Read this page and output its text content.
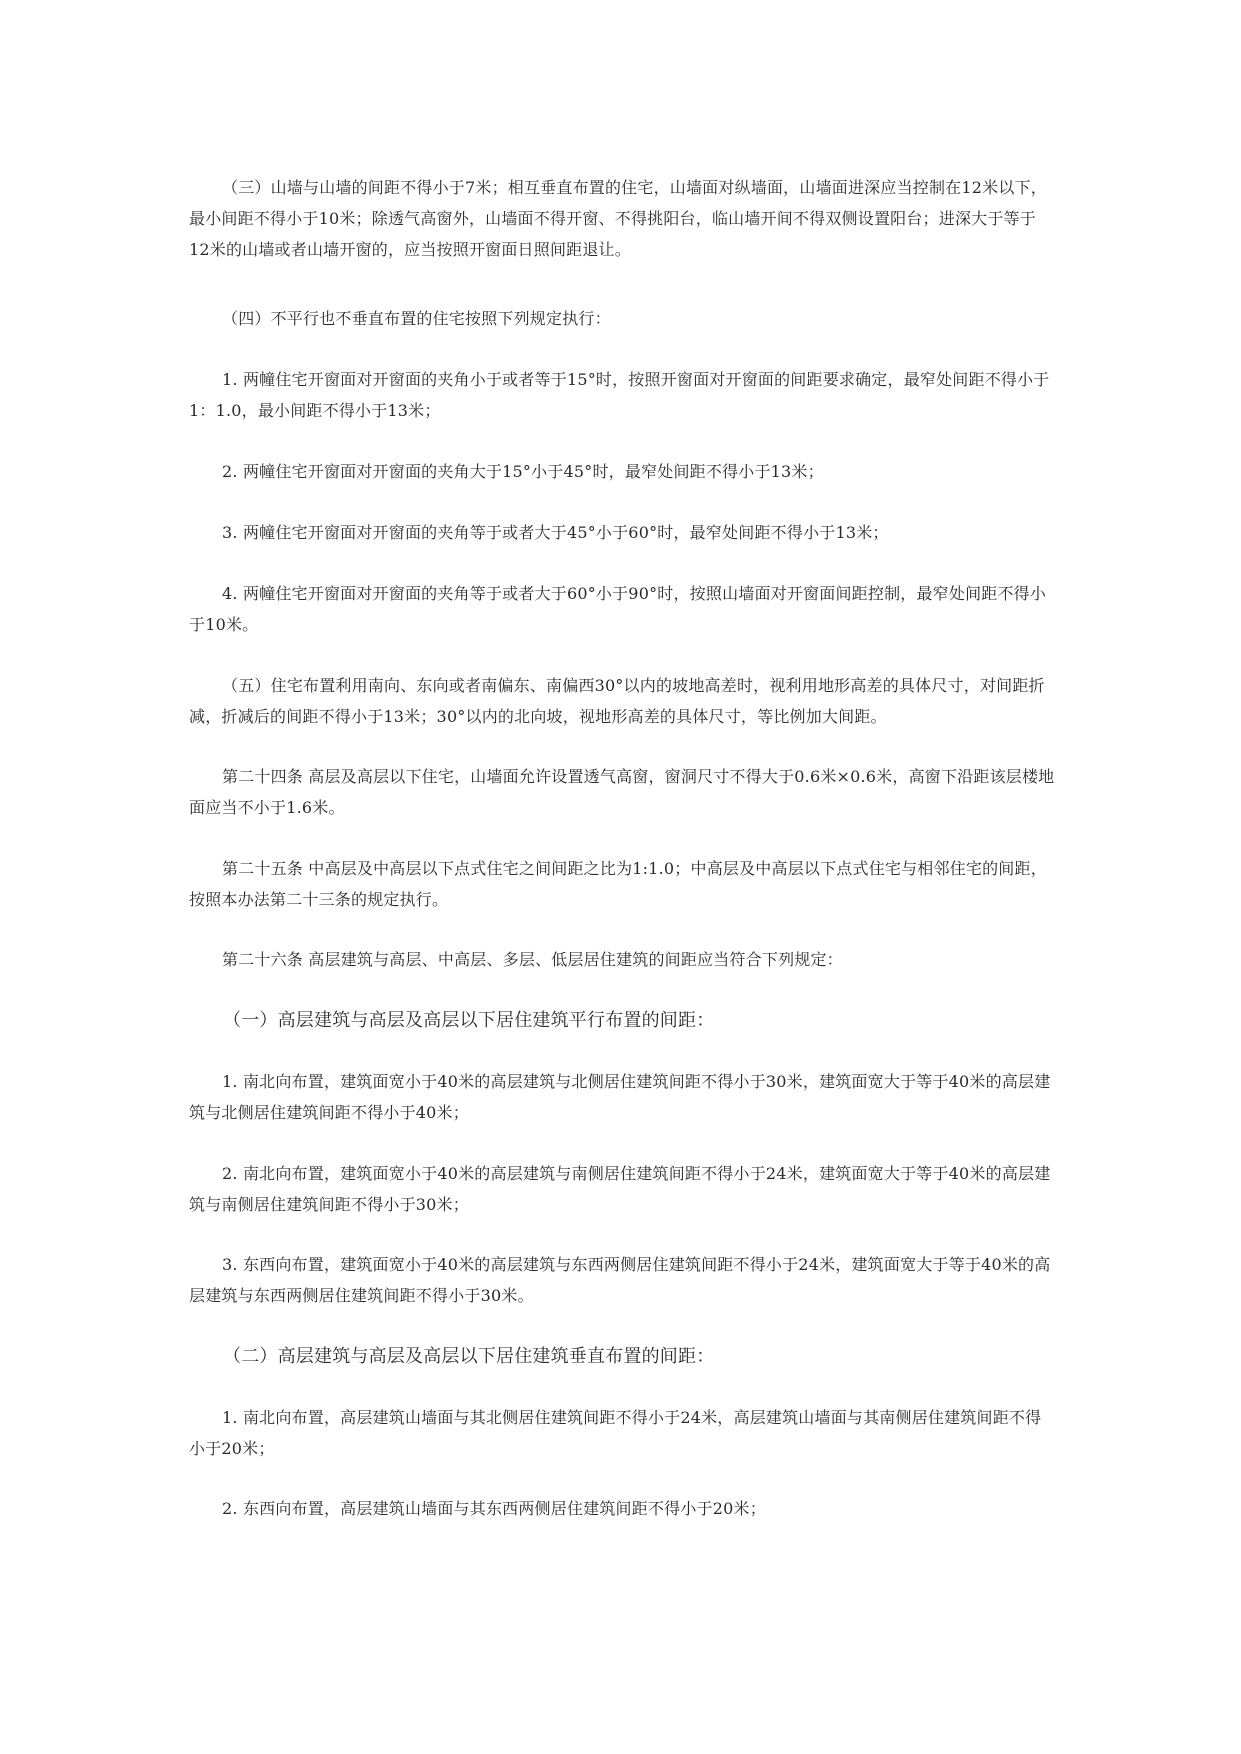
（三）山墙与山墙的间距不得小于7米；相互垂直布置的住宅，山墙面对纵墙面，山墙面进深应当控制在12米以下，最小间距不得小于10米；除透气高窗外，山墙面不得开窗、不得挑阳台，临山墙开间不得双侧设置阳台；进深大于等于12米的山墙或者山墙开窗的，应当按照开窗面日照间距退让。

（四）不平行也不垂直布置的住宅按照下列规定执行：

1. 两幢住宅开窗面对开窗面的夹角小于或者等于15°时，按照开窗面对开窗面的间距要求确定，最窄处间距不得小于1：1.0，最小间距不得小于13米；

2. 两幢住宅开窗面对开窗面的夹角大于15°小于45°时，最窄处间距不得小于13米；

3. 两幢住宅开窗面对开窗面的夹角等于或者大于45°小于60°时，最窄处间距不得小于13米；

4. 两幢住宅开窗面对开窗面的夹角等于或者大于60°小于90°时，按照山墙面对开窗面间距控制，最窄处间距不得小于10米。

（五）住宅布置利用南向、东向或者南偏东、南偏西30°以内的坡地高差时，视利用地形高差的具体尺寸，对间距折减，折减后的间距不得小于13米；30°以内的北向坡，视地形高差的具体尺寸，等比例加大间距。

第二十四条 高层及高层以下住宅，山墙面允许设置透气高窗，窗洞尺寸不得大于0.6米×0.6米，高窗下沿距该层楼地面应当不小于1.6米。

第二十五条 中高层及中高层以下点式住宅之间间距之比为1:1.0；中高层及中高层以下点式住宅与相邻住宅的间距，按照本办法第二十三条的规定执行。

第二十六条 高层建筑与高层、中高层、多层、低层居住建筑的间距应当符合下列规定：

（一）高层建筑与高层及高层以下居住建筑平行布置的间距：

1. 南北向布置，建筑面宽小于40米的高层建筑与北侧居住建筑间距不得小于30米，建筑面宽大于等于40米的高层建筑与北侧居住建筑间距不得小于40米；

2. 南北向布置，建筑面宽小于40米的高层建筑与南侧居住建筑间距不得小于24米，建筑面宽大于等于40米的高层建筑与南侧居住建筑间距不得小于30米；

3. 东西向布置，建筑面宽小于40米的高层建筑与东西两侧居住建筑间距不得小于24米，建筑面宽大于等于40米的高层建筑与东西两侧居住建筑间距不得小于30米。

（二）高层建筑与高层及高层以下居住建筑垂直布置的间距：

1. 南北向布置，高层建筑山墙面与其北侧居住建筑间距不得小于24米，高层建筑山墙面与其南侧居住建筑间距不得小于20米；

2. 东西向布置，高层建筑山墙面与其东西两侧居住建筑间距不得小于20米；
